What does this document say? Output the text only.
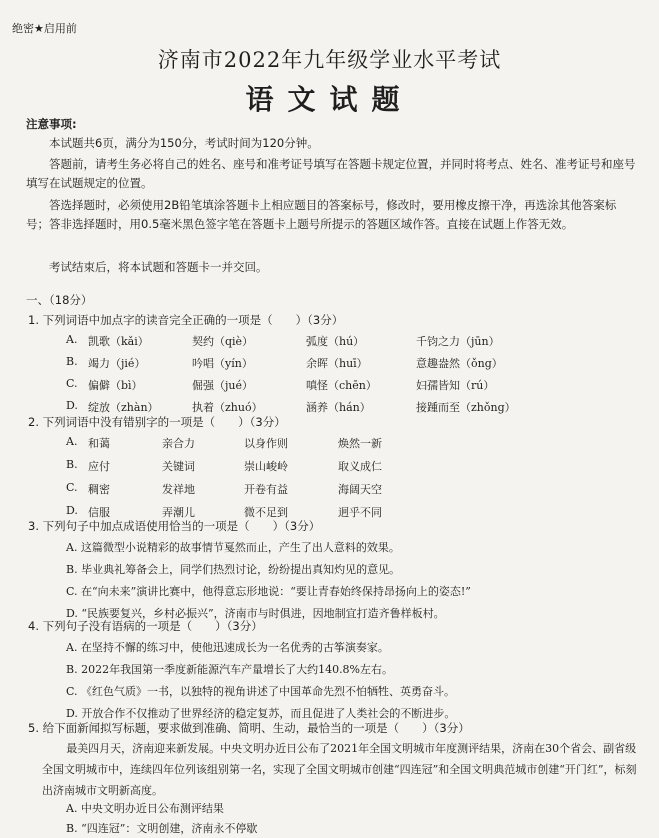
绝密★启用前
济南市2022年九年级学业水平考试
语文试题
注意事项:

本试题共6页，满分为150分，考试时间为120分钟。

答题前，请考生务必将自己的姓名、座号和准考证号填写在答题卡规定位置，并同时将考点、姓名、准考证号和座号填写在试题规定的位置。

答选择题时，必须使用2B铅笔填涂答题卡上相应题目的答案标号，修改时，要用橡皮擦干净，再选涂其他答案标号；答非选择题时，用0.5毫米黑色签字笔在答题卡上题号所提示的答题区域作答。直接在试题上作答无效。

考试结束后，将本试题和答题卡一并交回。

一、（18分）
1. 下列词语中加点字的读音完全正确的一项是（　　）（3分）
A. 凯歌（kǎi）	契约（qiè）	弧度（hú）	千钧之力（jūn）
B. 竭力（jié）	吟唱（yín）	余晖（huī）	意趣盎然（ǒng）
C. 偏僻（bì）	倔强（jué）	嗔怪（chēn）	妇孺皆知（rú）
D. 绽放（zhàn）	执着（zhuó）	涵养（hán）	接踵而至（zhǒng）
2. 下列词语中没有错别字的一项是（　　）（3分）
A. 和蔼	亲合力	以身作则	焕然一新
B. 应付	关键词	崇山峻岭	取义成仁
C. 稠密	发祥地	开卷有益	海阔天空
D. 信服	弄潮儿	微不足到	迥乎不同
3. 下列句子中加点成语使用恰当的一项是（　　）（3分）
A. 这篇微型小说精彩的故事情节戛然而止，产生了出人意料的效果。
B. 毕业典礼筹备会上，同学们热烈讨论，纷纷提出真知灼见的意见。
C. 在“向未来”演讲比赛中，他得意忘形地说：“要让青春始终保持昂扬向上的姿态!”
D. “民族要复兴，乡村必振兴”，济南市与时俱进，因地制宜打造齐鲁样板村。
4. 下列句子没有语病的一项是（　　）（3分）
A. 在坚持不懈的练习中，使他迅速成长为一名优秀的古筝演奏家。
B. 2022年我国第一季度新能源汽车产量增长了大约140.8%左右。
C. 《红色气质》一书，以独特的视角讲述了中国革命先烈不怕牺牲、英勇奋斗。
D. 开放合作不仅推动了世界经济的稳定复苏，而且促进了人类社会的不断进步。
5. 给下面新闻拟写标题，要求做到准确、简明、生动，最恰当的一项是（　　）（3分）

最美四月天，济南迎来新发展。中央文明办近日公布了2021年全国文明城市年度测评结果，济南在30个省会、副省级全国文明城市中，连续四年位列该组别第一名，实现了全国文明城市创建“四连冠”和全国文明典范城市创建“开门红”，标刻出济南城市文明新高度。

A. 中央文明办近日公布测评结果
B. “四连冠”：文明创建，济南永不停歇
